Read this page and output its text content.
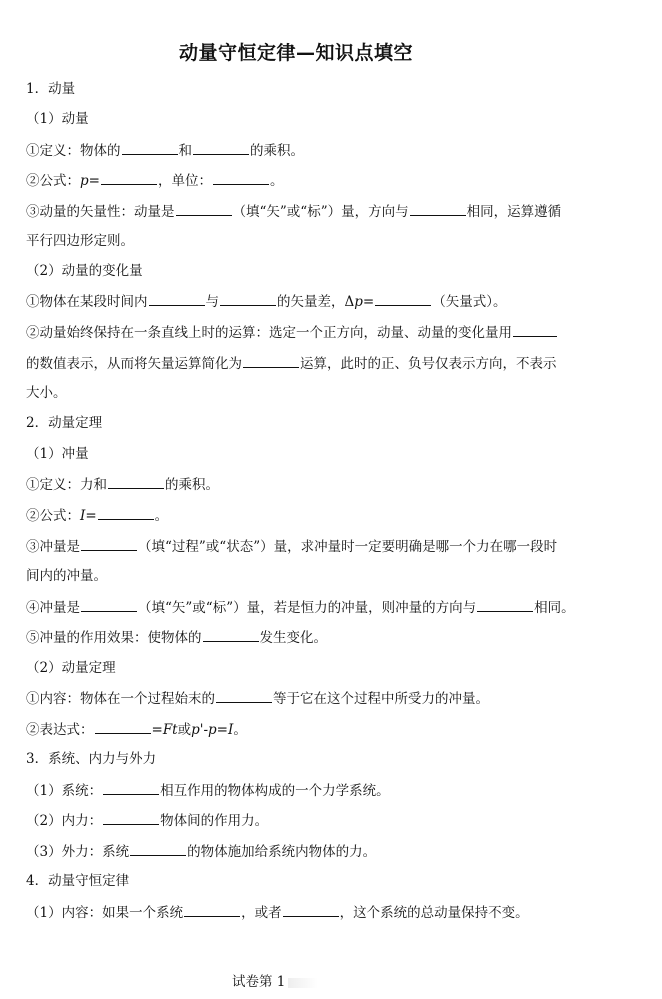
动量守恒定律—知识点填空
1．动量
（1）动量
①定义：物体的	和	的乘积。
②公式：p=	，单位：	。
③动量的矢量性：动量是	（填“矢”或“标”）量，方向与	相同，运算遵循
平行四边形定则。
（2）动量的变化量
①物体在某段时间内	与	的矢量差，Δp=	（矢量式）。
②动量始终保持在一条直线上时的运算：选定一个正方向，动量、动量的变化量用
的数值表示，从而将矢量运算简化为	运算，此时的正、负号仅表示方向，不表示
大小。
2．动量定理
（1）冲量
①定义：力和	的乘积。
②公式：I=	。
③冲量是	（填“过程”或“状态”）量，求冲量时一定要明确是哪一个力在哪一段时
间内的冲量。
④冲量是	（填“矢”或“标”）量，若是恒力的冲量，则冲量的方向与	相同。
⑤冲量的作用效果：使物体的	发生变化。
（2）动量定理
①内容：物体在一个过程始末的	等于它在这个过程中所受力的冲量。
②表达式：	=Ft或p'-p=I。
3．系统、内力与外力
（1）系统：	相互作用的物体构成的一个力学系统。
（2）内力：	物体间的作用力。
（3）外力：系统	的物体施加给系统内物体的力。
4．动量守恒定律
（1）内容：如果一个系统	，或者	，这个系统的总动量保持不变。
试卷第 1
